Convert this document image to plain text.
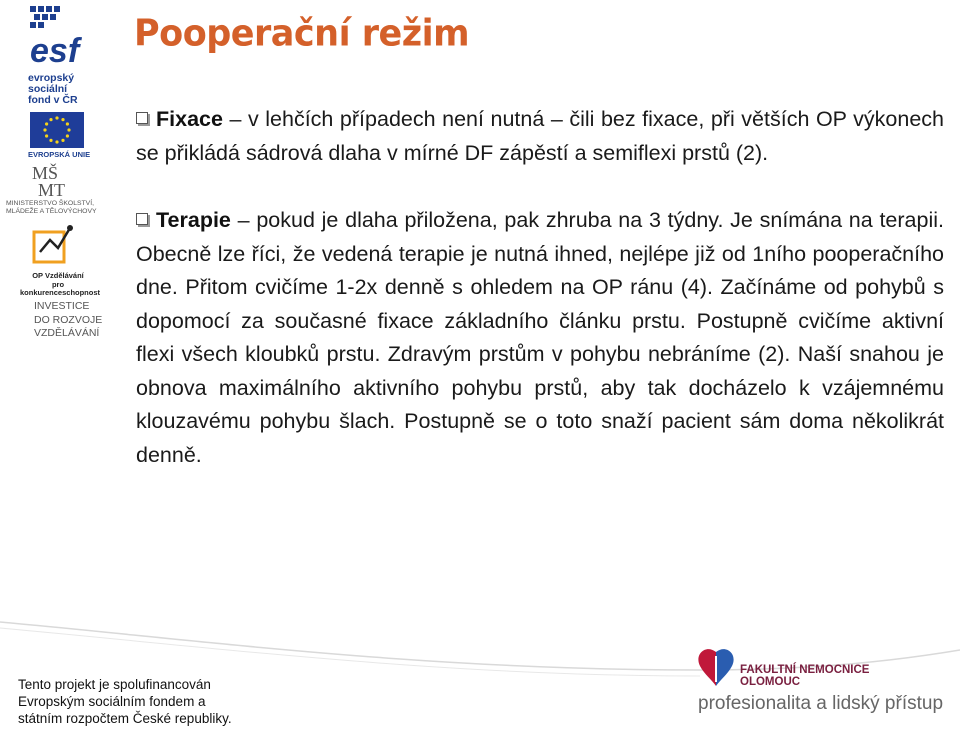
esf
evropský
sociální
fond v ČR
EVROPSKÁ UNIE
MŠ
MT
MINISTERSTVO ŠKOLSTVÍ,
MLÁDEŽE A TĚLOVÝCHOVY
OP Vzdělávání
pro konkurenceschopnost
INVESTICE
DO ROZVOJE
VZDĚLÁVÁNÍ
Pooperační režim

Fixace – v lehčích případech není nutná – čili bez fixace, při větších OP výkonech se přikládá sádrová dlaha v mírné DF zápěstí a semiflexi prstů (2).

Terapie – pokud je dlaha přiložena, pak zhruba na 3 týdny. Je snímána na terapii. Obecně lze říci, že vedená terapie je nutná ihned, nejlépe již od 1ního pooperačního dne. Přitom cvičíme 1-2x denně s ohledem na OP ránu (4). Začínáme od pohybů s dopomocí za současné fixace základního článku prstu. Postupně cvičíme aktivní flexi všech kloubků prstu. Zdravým prstům v pohybu nebráníme (2). Naší snahou je obnova maximálního aktivního pohybu prstů, aby tak docházelo k vzájemnému klouzavému pohybu šlach. Postupně se o toto snaží pacient sám doma několikrát denně.

Tento projekt je spolufinancován
Evropským sociálním fondem a
státním rozpočtem České republiky.
FAKULTNÍ NEMOCNICE
OLOMOUC
profesionalita a lidský přístup
